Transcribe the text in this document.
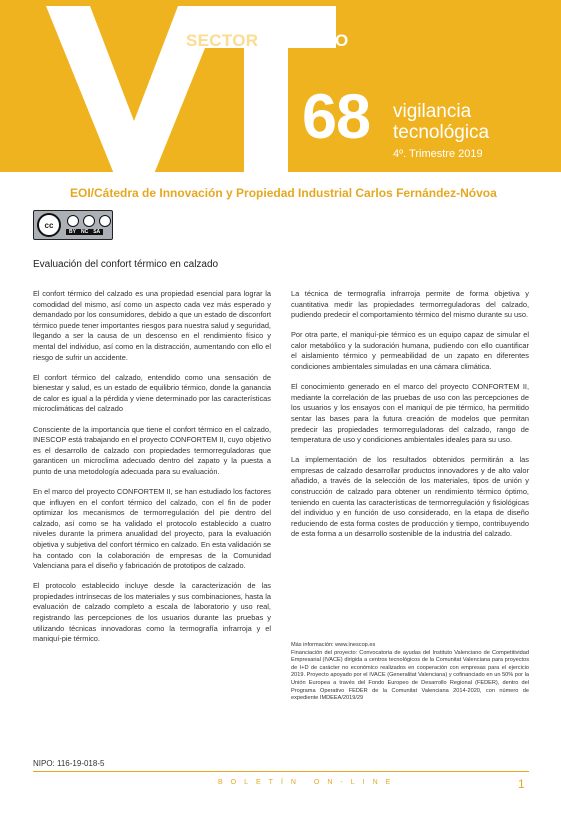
SECTOR CALZADO
68 vigilancia
tecnológica
4º. Trimestre 2019
EOI/Cátedra de Innovación y Propiedad Industrial Carlos Fernández-Nóvoa
cc
BY NC SA
Evaluación del confort térmico en calzado

El confort térmico del calzado es una propiedad esencial para lograr la comodidad del mismo, así como un aspecto cada vez más esperado y demandado por los consumidores, debido a que un estado de disconfort térmico puede tener importantes riesgos para nuestra salud y seguridad, llegando a ser la causa de un descenso en el rendimiento físico y mental del individuo, así como en la distracción, aumentando con ello el riesgo de sufrir un accidente.

El confort térmico del calzado, entendido como una sensación de bienestar y salud, es un estado de equilibrio térmico, donde la ganancia de calor es igual a la pérdida y viene determinado por las características microclimáticas del calzado

Consciente de la importancia que tiene el confort térmico en el calzado, INESCOP está trabajando en el proyecto CONFORTEM II, cuyo objetivo es el desarrollo de calzado con propiedades termorreguladoras que garanticen un microclima adecuado dentro del zapato y la puesta a punto de una metodología adecuada para su evaluación.

En el marco del proyecto CONFORTEM II, se han estudiado los factores que influyen en el confort térmico del calzado, con el fin de poder optimizar los mecanismos de termorregulación del pie dentro del calzado, así como se ha validado el protocolo establecido a cuatro niveles durante la primera anualidad del proyecto, para la evaluación objetiva y subjetiva del confort térmico en calzado. En esta validación se ha contado con la colaboración de empresas de la Comunidad Valenciana para el diseño y fabricación de prototipos de calzado.

El protocolo establecido incluye desde la caracterización de las propiedades intrínsecas de los materiales y sus combinaciones, hasta la evaluación de calzado completo a escala de laboratorio y uso real, registrando las percepciones de los usuarios durante las pruebas y utilizando técnicas innovadoras como la termografía infrarroja y el maniquí-pie térmico.

La técnica de termografía infrarroja permite de forma objetiva y cuantitativa medir las propiedades termorreguladoras del calzado, pudiendo predecir el comportamiento térmico del mismo durante su uso.

Por otra parte, el maniquí-pie térmico es un equipo capaz de simular el calor metabólico y la sudoración humana, pudiendo con ello cuantificar el aislamiento térmico y permeabilidad de un zapato en diferentes condiciones ambientales simuladas en una cámara climática.

El conocimiento generado en el marco del proyecto CONFORTEM II, mediante la correlación de las pruebas de uso con las percepciones de los usuarios y los ensayos con el maniquí de pie térmico, ha permitido sentar las bases para la futura creación de modelos que permitan predecir las propiedades termorreguladoras del calzado, rango de temperatura de uso y condiciones ambientales ideales para su uso.

La implementación de los resultados obtenidos permitirán a las empresas de calzado desarrollar productos innovadores y de alto valor añadido, a través de la selección de los materiales, tipos de unión y construcción de calzado para obtener un rendimiento térmico óptimo, teniendo en cuenta las características de termorregulación y fisiológicas del individuo y en función de uso considerado, en la etapa de diseño reduciendo de esta forma costes de producción y tiempo, contribuyendo de esta forma a un desarrollo sostenible de la industria del calzado.

Más información: www.inescop.es
Financiación del proyecto: Convocatoria de ayudas del Instituto Valenciano de Competitividad Empresarial (IVACE) dirigida a centros tecnológicos de la Comunitat Valenciana para proyectos de I+D de carácter no económico realizados en cooperación con empresas para el ejercicio 2019. Proyecto apoyado por el IVACE (Generalitat Valenciana) y cofinanciado en un 50% por la Unión Europea a través del Fondo Europeo de Desarrollo Regional (FEDER), dentro del Programa Operativo FEDER de la Comunitat Valenciana 2014-2020, con número de expediente IMDEEA/2019/29
NIPO: 116-19-018-5
BOLETÍN ON-LINE	1
